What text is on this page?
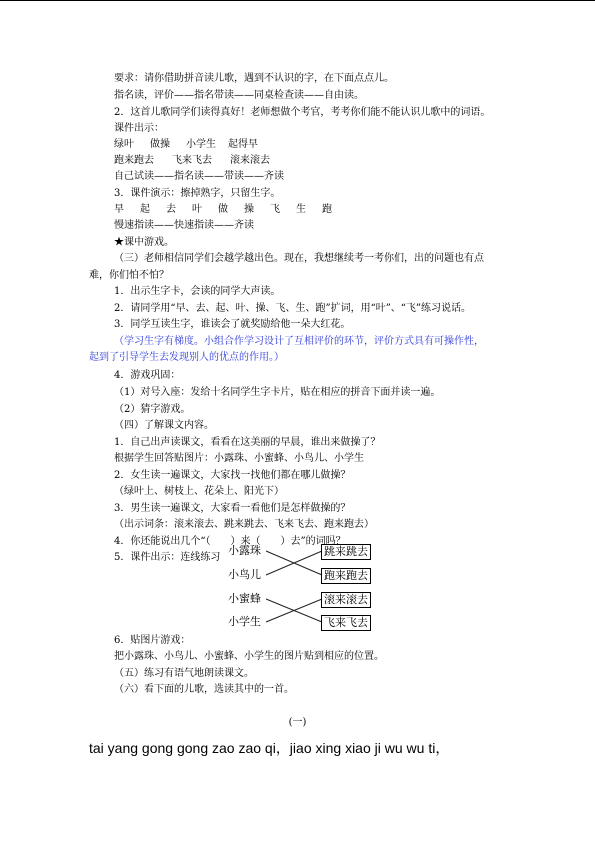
要求：请你借助拼音读儿歌，遇到不认识的字，在下面点点儿。
指名读，评价——指名带读——同桌检查读——自由读。
2．这首儿歌同学们读得真好！老师想做个考官，考考你们能不能认识儿歌中的词语。
课件出示：
绿叶 做操 小学生 起得早
跑来跑去 飞来飞去 滚来滚去
自己试读——指名读——带读——齐读
3．课件演示：擦掉熟字，只留生字。
早 起 去 叶 做 操 飞 生 跑
慢速指读——快速指读——齐读
★课中游戏。
（三）老师相信同学们会越学越出色。现在，我想继续考一考你们，出的问题也有点
难，你们怕不怕？
1．出示生字卡，会读的同学大声读。
2．请同学用“早、去、起、叶、操、飞、生、跑”扩词，用“叶”、“飞”练习说话。
3．同学互读生字，谁读会了就奖励给他一朵大红花。
（学习生字有梯度。小组合作学习设计了互相评价的环节，评价方式具有可操作性，
起到了引导学生去发现别人的优点的作用。）
4．游戏巩固：
（1）对号入座：发给十名同学生字卡片，贴在相应的拼音下面并读一遍。
（2）猜字游戏。
（四）了解课文内容。
1．自己出声读课文，看看在这美丽的早晨，谁出来做操了？
根据学生回答贴图片：小露珠、小蜜蜂、小鸟儿、小学生
2．女生读一遍课文，大家找一找他们都在哪儿做操？
（绿叶上、树枝上、花朵上、阳光下）
3．男生读一遍课文，大家看一看他们是怎样做操的？
（出示词条：滚来滚去、跳来跳去、飞来飞去、跑来跑去）
4．你还能说出几个“（　　）来（　　）去”的词吗？
5．课件出示：连线练习
6．贴图片游戏：
把小露珠、小鸟儿、小蜜蜂、小学生的图片贴到相应的位置。
（五）练习有语气地朗读课文。
（六）看下面的儿歌，选读其中的一首。
小露珠
小鸟儿
小蜜蜂
小学生
跳来跳去
跑来跑去
滚来滚去
飞来飞去
(一)
tai yang gong gong zao zao qi，jiao xing xiao ji wu wu ti，
